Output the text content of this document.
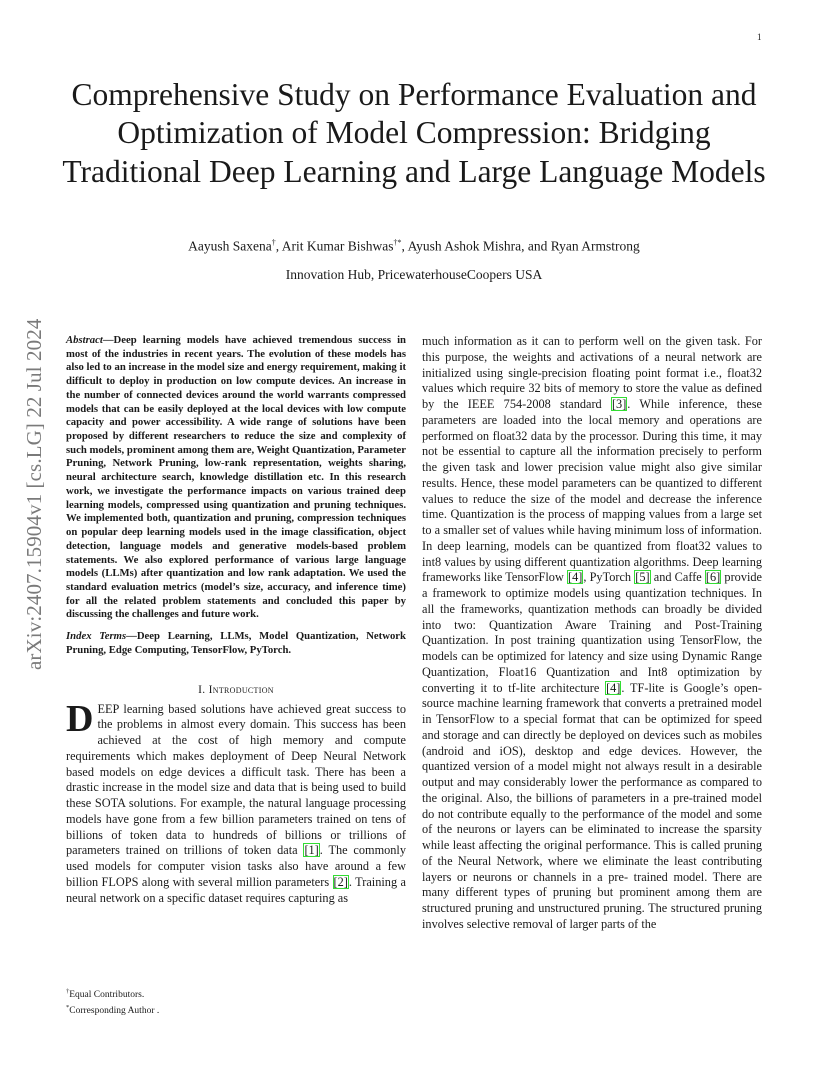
1
arXiv:2407.15904v1 [cs.LG] 22 Jul 2024
Comprehensive Study on Performance Evaluation and Optimization of Model Compression: Bridging Traditional Deep Learning and Large Language Models
Aayush Saxena†, Arit Kumar Bishwas†*, Ayush Ashok Mishra, and Ryan Armstrong
Innovation Hub, PricewaterhouseCoopers USA

Abstract—Deep learning models have achieved tremendous success in most of the industries in recent years. The evolution of these models has also led to an increase in the model size and energy requirement, making it difficult to deploy in production on low compute devices. An increase in the number of connected devices around the world warrants compressed models that can be easily deployed at the local devices with low compute capacity and power accessibility. A wide range of solutions have been proposed by different researchers to reduce the size and complexity of such models, prominent among them are, Weight Quantization, Parameter Pruning, Network Pruning, low-rank representation, weights sharing, neural architecture search, knowledge distillation etc. In this research work, we investigate the performance impacts on various trained deep learning models, compressed using quantization and pruning techniques. We implemented both, quantization and pruning, compression techniques on popular deep learning models used in the image classification, object detection, language models and generative models-based problem statements. We also explored performance of various large language models (LLMs) after quantization and low rank adaptation. We used the standard evaluation metrics (model’s size, accuracy, and inference time) for all the related problem statements and concluded this paper by discussing the challenges and future work.

Index Terms—Deep Learning, LLMs, Model Quantization, Network Pruning, Edge Computing, TensorFlow, PyTorch.

I. Introduction

DEEP learning based solutions have achieved great success to the problems in almost every domain. This success has been achieved at the cost of high memory and compute requirements which makes deployment of Deep Neural Network based models on edge devices a difficult task. There has been a drastic increase in the model size and data that is being used to build these SOTA solutions. For example, the natural language processing models have gone from a few billion parameters trained on tens of billions of token data to hundreds of billions or trillions of parameters trained on trillions of token data [1]. The commonly used models for computer vision tasks also have around a few billion FLOPS along with several million parameters [2]. Training a neural network on a specific dataset requires capturing as

much information as it can to perform well on the given task. For this purpose, the weights and activations of a neural network are initialized using single-precision floating point format i.e., float32 values which require 32 bits of memory to store the value as defined by the IEEE 754-2008 standard [3]. While inference, these parameters are loaded into the local memory and operations are performed on float32 data by the processor. During this time, it may not be essential to capture all the information precisely to perform the given task and lower precision value might also give similar results. Hence, these model parameters can be quantized to different values to reduce the size of the model and decrease the inference time. Quantization is the process of mapping values from a large set to a smaller set of values while having minimum loss of information. In deep learning, models can be quantized from float32 values to int8 values by using different quantization algorithms. Deep learning frameworks like TensorFlow [4], PyTorch [5] and Caffe [6] provide a framework to optimize models using quantization techniques. In all the frameworks, quantization methods can broadly be divided into two: Quantization Aware Training and Post-Training Quantization. In post training quantization using TensorFlow, the models can be optimized for latency and size using Dynamic Range Quantization, Float16 Quantization and Int8 optimization by converting it to tf-lite architecture [4]. TF-lite is Google’s open-source machine learning framework that converts a pretrained model in TensorFlow to a special format that can be optimized for speed and storage and can directly be deployed on devices such as mobiles (android and iOS), desktop and edge devices. However, the quantized version of a model might not always result in a desirable output and may considerably lower the performance as compared to the original. Also, the billions of parameters in a pre-trained model do not contribute equally to the performance of the model and some of the neurons or layers can be eliminated to increase the sparsity while least affecting the original performance. This is called pruning of the Neural Network, where we eliminate the least contributing layers or neurons or channels in a pre- trained model. There are many different types of pruning but prominent among them are structured pruning and unstructured pruning. The structured pruning involves selective removal of larger parts of the

†Equal Contributors.
*Corresponding Author .
